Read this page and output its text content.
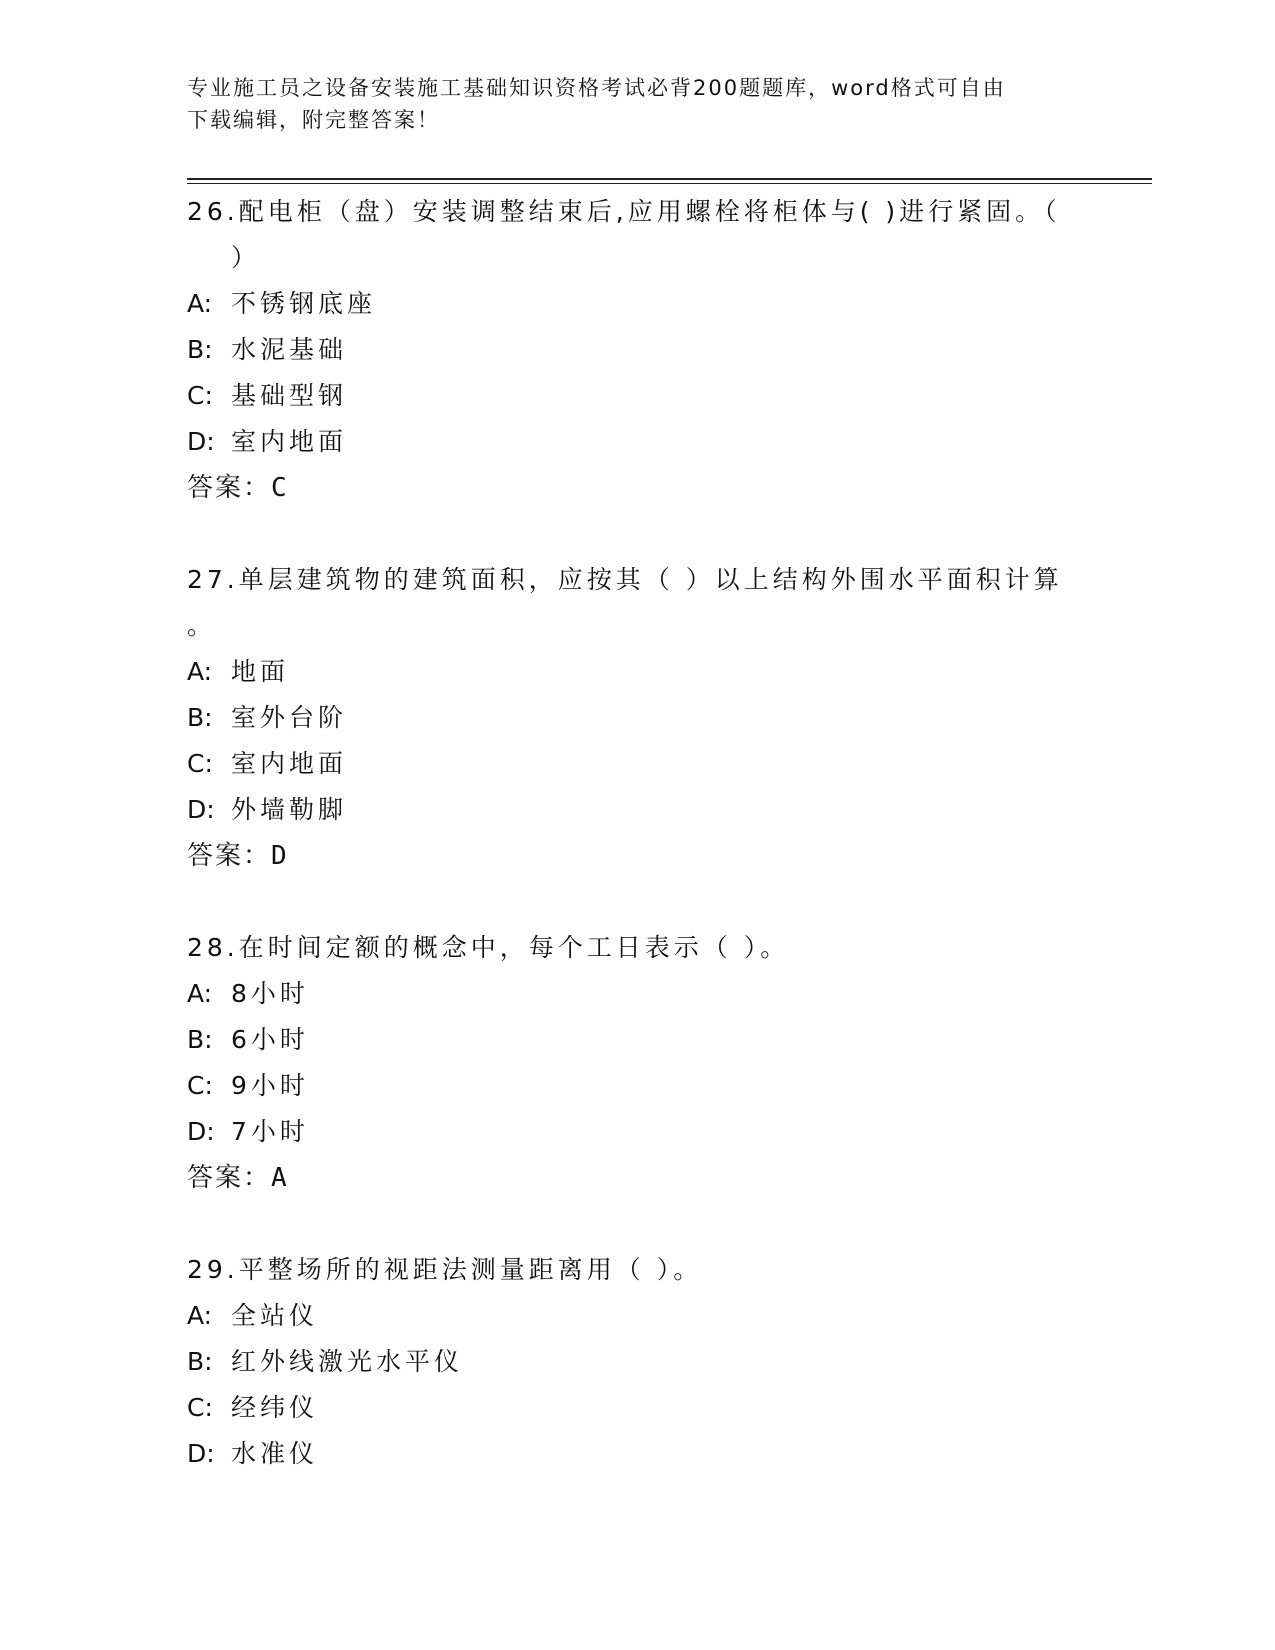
专业施工员之设备安装施工基础知识资格考试必背200题题库，word格式可自由
下载编辑，附完整答案！

26.配电柜（盘）安装调整结束后,应用螺栓将柜体与( )进行紧固。（
）

A: 不锈钢底座

B: 水泥基础

C: 基础型钢

D: 室内地面

答案：C

27.单层建筑物的建筑面积，应按其（ ）以上结构外围水平面积计算
。

A: 地面

B: 室外台阶

C: 室内地面

D: 外墙勒脚

答案：D

28.在时间定额的概念中，每个工日表示（ ）。

A: 8小时

B: 6小时

C: 9小时

D: 7小时

答案：A

29.平整场所的视距法测量距离用（ ）。

A: 全站仪

B: 红外线激光水平仪

C: 经纬仪

D: 水准仪
